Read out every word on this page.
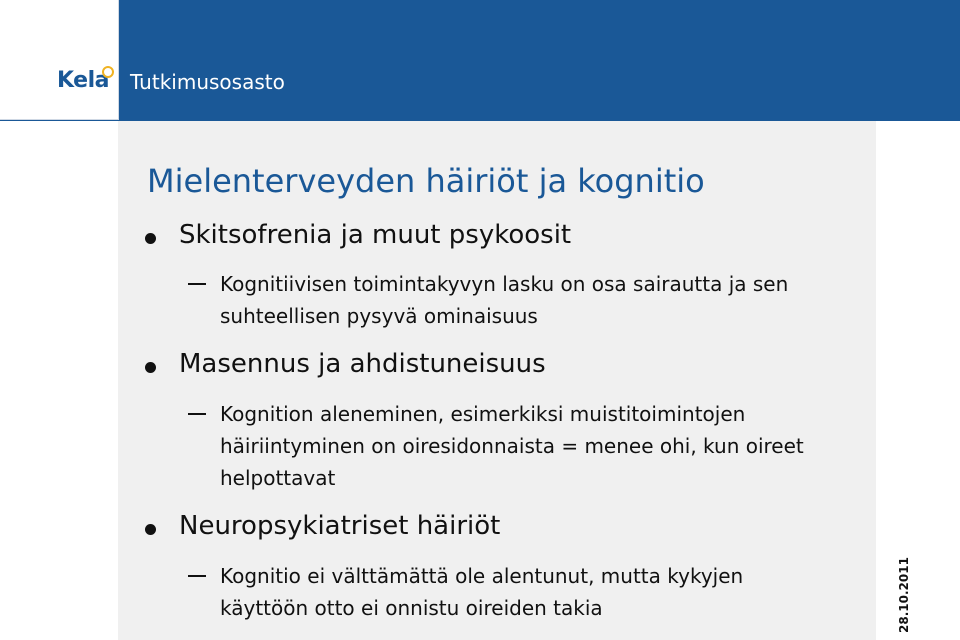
Kela Tutkimusosasto
Mielenterveyden häiriöt ja kognitio
Skitsofrenia ja muut psykoosit
Kognitiivisen toimintakyvyn lasku on osa sairautta ja sen suhteellisen pysyvä ominaisuus
Masennus ja ahdistuneisuus
Kognition aleneminen, esimerkiksi muistitoimintojen häiriintyminen on oiresidonnaista = menee ohi, kun oireet helpottavat
Neuropsykiatriset häiriöt
Kognitio ei välttämättä ole alentunut, mutta kykyjen käyttöön otto ei onnistu oireiden takia	28.10.2011
